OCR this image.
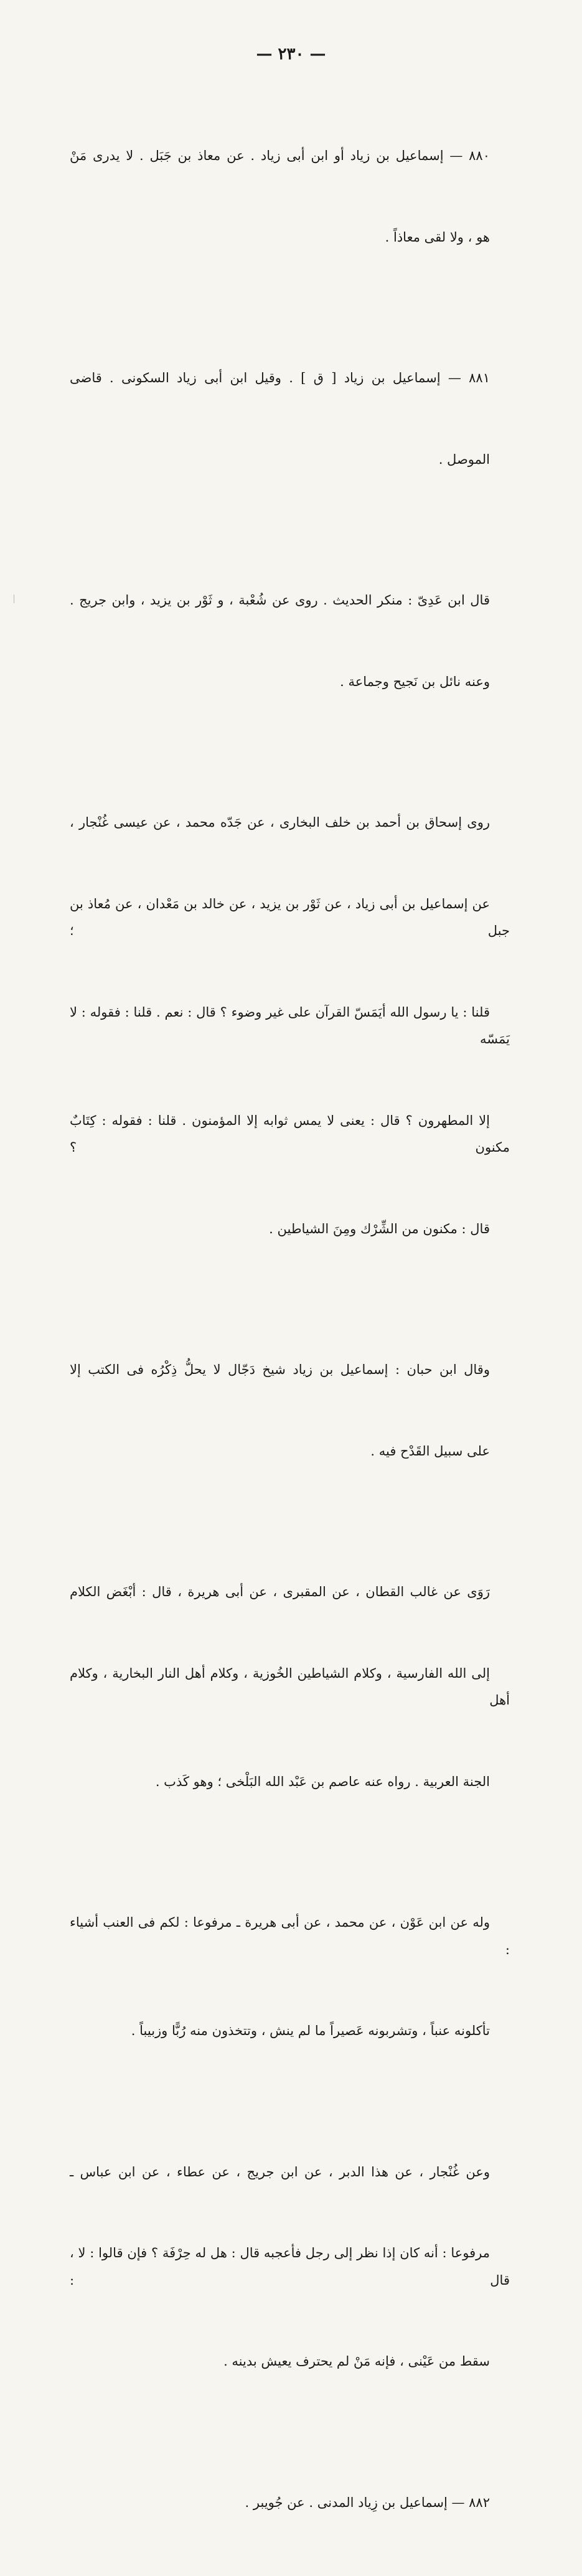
— ٢٣٠ —

٨٨٠ — إسماعيل بن زياد أو ابن أبى زياد . عن معاذ بن جَبَل . لا يدرى مَنْ

هو ، ولا لقى معاذاً .

٨٨١ — إسماعيل بن زياد [ ق ] . وقيل ابن أبى زياد السكونى . قاضى

الموصل .

قال ابن عَدِىّ : منكر الحديث . روى عن شُعْبة ، و ثَوْر بن يزيد ، وابن جريج .

وعنه نائل بن نَجيح وجماعة .

روى إسحاق بن أحمد بن خلف البخارى ، عن جَدّه محمد ، عن عيسى غُنْجار ،

عن إسماعيل بن أبى زياد ، عن ثَوْر بن يزيد ، عن خالد بن مَعْدان ، عن مُعاذ بن جبل ؛

قلنا : يا رسول الله أيَمَسّ القرآن على غير وضوء ؟ قال : نعم . قلنا : فقوله : لا يَمَسّه

إلا المطهرون ؟ قال : يعنى لا يمس ثوابه إلا المؤمنون . قلنا : فقوله : كِتَابٌ مكنون ؟

قال : مكنون من الشِّرْك ومِنَ الشياطين .

وقال ابن حبان : إسماعيل بن زياد شيخ دَجّال لا يحلُّ ذِكْرُه فى الكتب إلا

على سبيل القَدْح فيه .

رَوَى عن غالب القطان ، عن المقبرى ، عن أبى هريرة ، قال : أبْغَض الكلام

إلى الله الفارسية ، وكلام الشياطين الخُوزية ، وكلام أهل النار البخارية ، وكلام أهل

الجنة العربية . رواه عنه عاصم بن عَبْد الله البَلْخى ؛ وهو كَذب .

وله عن ابن عَوْن ، عن محمد ، عن أبى هريرة ـ مرفوعا : لكم فى العنب أشياء :

تأكلونه عنباً ، وتشربونه عَصيراً ما لم ينش ، وتتخذون منه رُبًّا وزبيباً .

وعن غُنْجار ، عن هذا الدبر ، عن ابن جريج ، عن عطاء ، عن ابن عباس ـ

مرفوعا : أنه كان إذا نظر إلى رجل فأعجبه قال : هل له حِرْفَة ؟ فإن قالوا : لا ، قال :

سقط من عَيْنى ، فإنه مَنْ لم يحترف يعيش بدينه .

٨٨٢ — إسماعيل بن زِياد المدنى . عن جُويبر .
